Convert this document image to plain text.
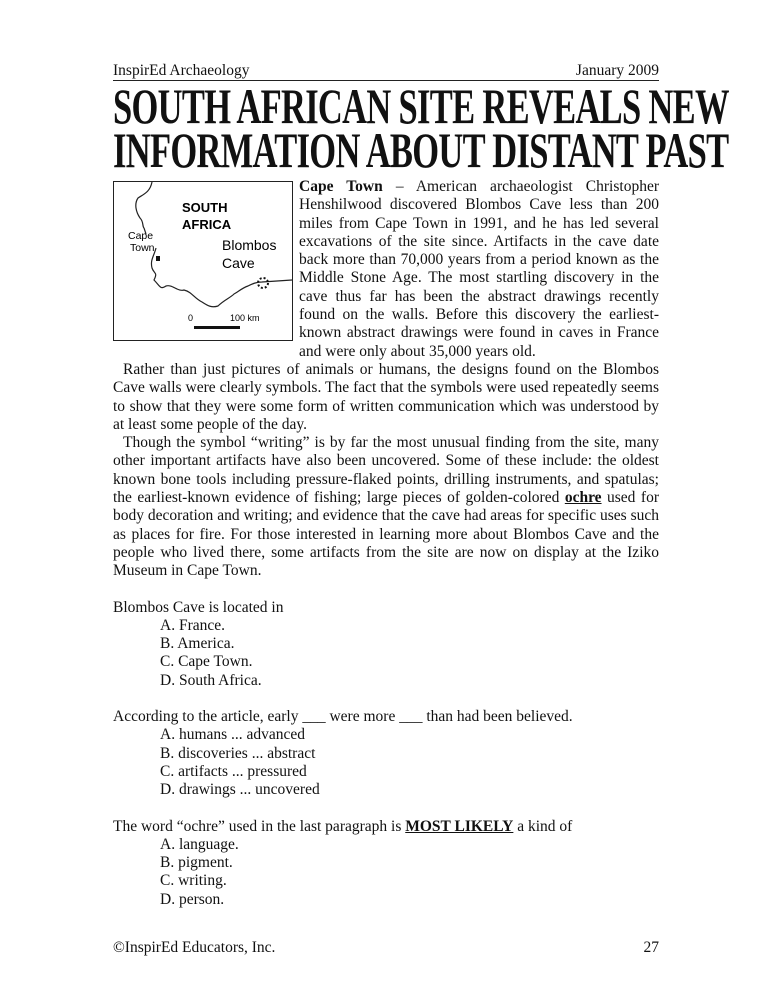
InspirEd Archaeology	January 2009
SOUTH AFRICAN SITE REVEALS NEW
INFORMATION ABOUT DISTANT PAST
SOUTH
AFRICA
Cape
Town	Blombos
Cave
0	100 km

Cape Town – American archaeologist Christopher Henshilwood discovered Blombos Cave less than 200 miles from Cape Town in 1991, and he has led several excavations of the site since. Artifacts in the cave date back more than 70,000 years from a period known as the Middle Stone Age. The most startling discovery in the cave thus far has been the abstract drawings recently found on the walls. Before this discovery the earliest-known abstract drawings were found in caves in France and were only about 35,000 years old.

Rather than just pictures of animals or humans, the designs found on the Blombos Cave walls were clearly symbols. The fact that the symbols were used repeatedly seems to show that they were some form of written communication which was understood by at least some people of the day.

Though the symbol “writing” is by far the most unusual finding from the site, many other important artifacts have also been uncovered. Some of these include: the oldest known bone tools including pressure-flaked points, drilling instruments, and spatulas; the earliest-known evidence of fishing; large pieces of golden-colored ochre used for body decoration and writing; and evidence that the cave had areas for specific uses such as places for fire. For those interested in learning more about Blombos Cave and the people who lived there, some artifacts from the site are now on display at the Iziko Museum in Cape Town.

Blombos Cave is located in
A. France.
B. America.
C. Cape Town.
D. South Africa.
According to the article, early ___ were more ___ than had been believed.
A. humans ... advanced
B. discoveries ... abstract
C. artifacts ... pressured
D. drawings ... uncovered
The word “ochre” used in the last paragraph is MOST LIKELY a kind of
A. language.
B. pigment.
C. writing.
D. person.
©InspirEd Educators, Inc.	27
